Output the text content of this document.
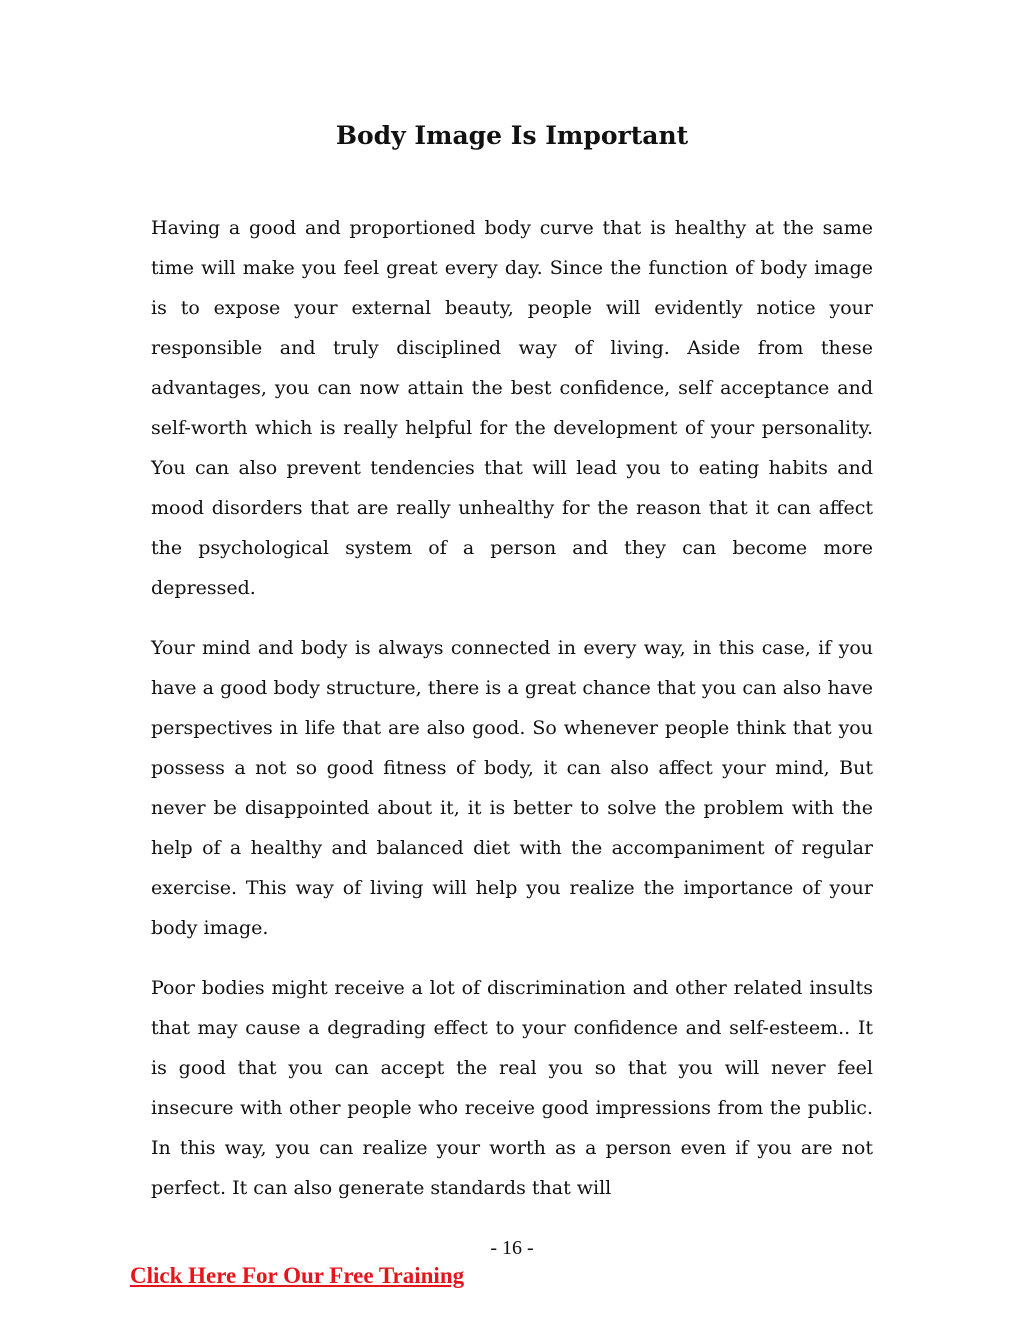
Body Image Is Important

Having a good and proportioned body curve that is healthy at the same time will make you feel great every day. Since the function of body image is to expose your external beauty, people will evidently notice your responsible and truly disciplined way of living. Aside from these advantages, you can now attain the best confidence, self acceptance and self-worth which is really helpful for the development of your personality. You can also prevent tendencies that will lead you to eating habits and mood disorders that are really unhealthy for the reason that it can affect the psychological system of a person and they can become more depressed.

Your mind and body is always connected in every way, in this case, if you have a good body structure, there is a great chance that you can also have perspectives in life that are also good. So whenever people think that you possess a not so good fitness of body, it can also affect your mind, But never be disappointed about it, it is better to solve the problem with the help of a healthy and balanced diet with the accompaniment of regular exercise. This way of living will help you realize the importance of your body image.

Poor bodies might receive a lot of discrimination and other related insults that may cause a degrading effect to your confidence and self-esteem.. It is good that you can accept the real you so that you will never feel insecure with other people who receive good impressions from the public. In this way, you can realize your worth as a person even if you are not perfect. It can also generate standards that will

- 16 -
Click Here For Our Free Training
